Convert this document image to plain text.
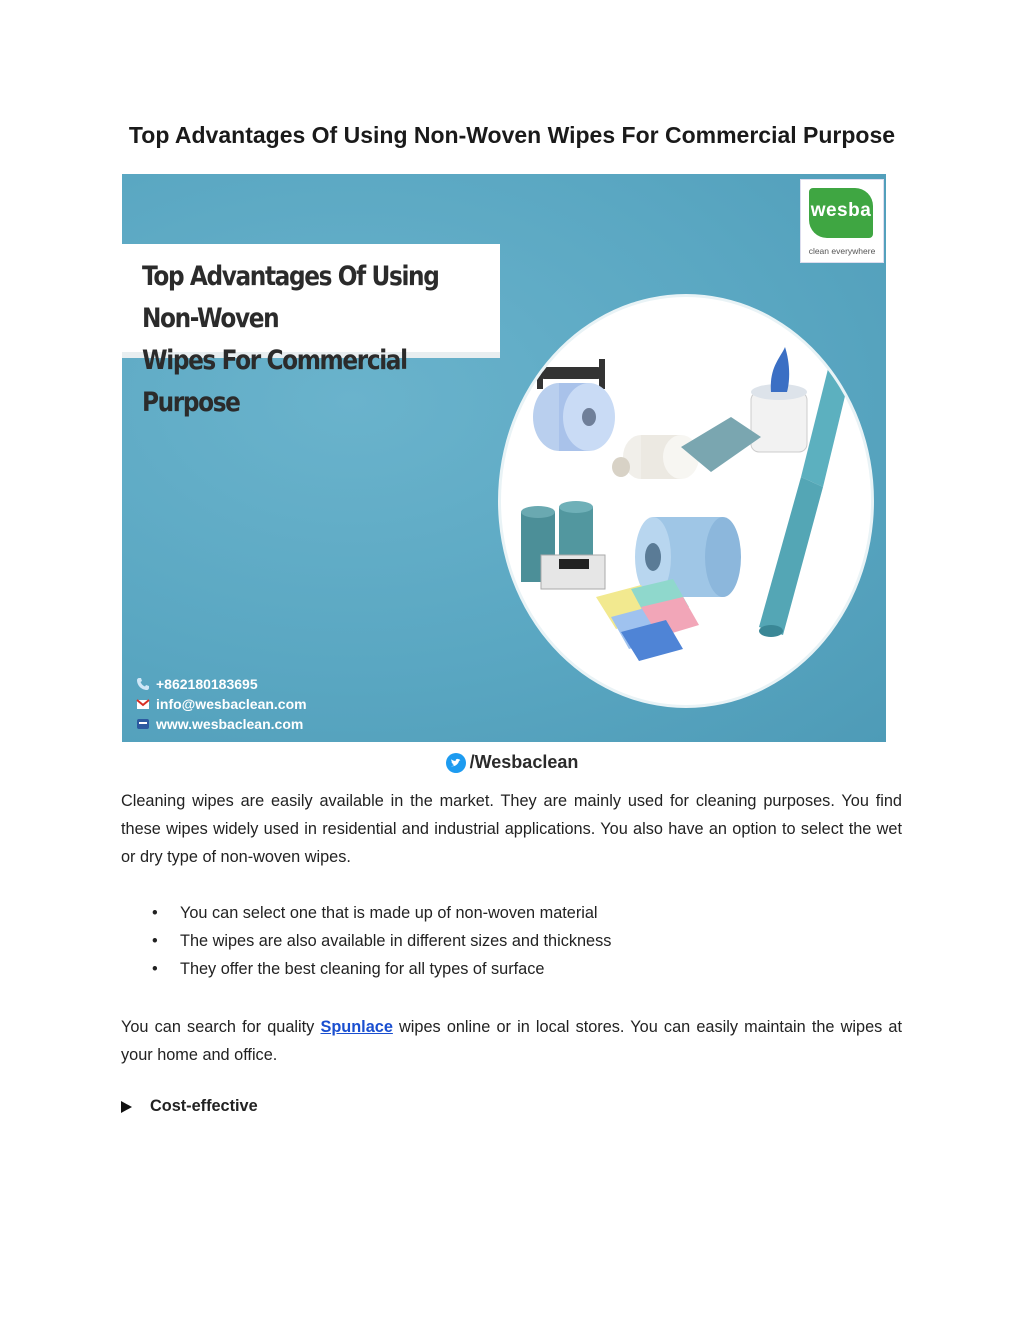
Top Advantages Of Using Non-Woven Wipes For Commercial Purpose
Top Advantages Of Using Non-Woven
Wipes For Commercial Purpose
wesba
clean everywhere
+862180183695
info@wesbaclean.com
www.wesbaclean.com
/Wesbaclean

Cleaning wipes are easily available in the market. They are mainly used for cleaning purposes. You find these wipes widely used in residential and industrial applications. You also have an option to select the wet or dry type of non-woven wipes.

• You can select one that is made up of non-woven material
• The wipes are also available in different sizes and thickness
• They offer the best cleaning for all types of surface

You can search for quality Spunlace wipes online or in local stores. You can easily maintain the wipes at your home and office.

Cost-effective
